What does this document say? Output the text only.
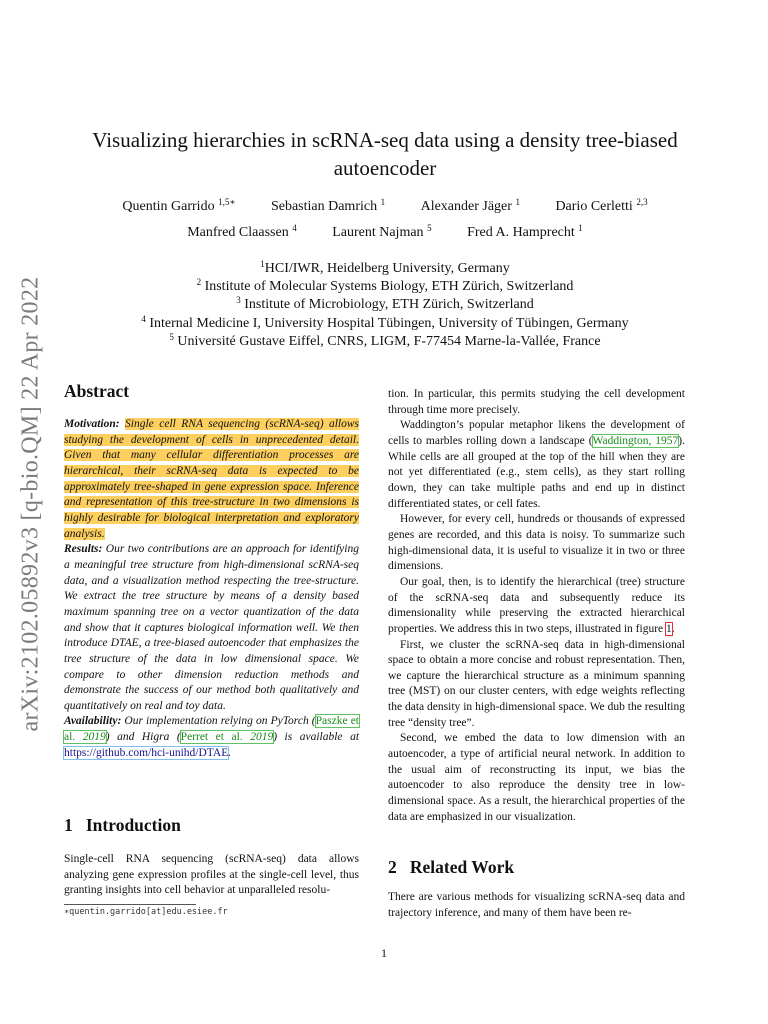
arXiv:2102.05892v3 [q-bio.QM] 22 Apr 2022
Visualizing hierarchies in scRNA-seq data using a density tree-biased autoencoder
Quentin Garrido $^{1,5∗}$	Sebastian Damrich $^1$	Alexander Jäger $^1$	Dario Cerletti $^{2,3}$
Manfred Claassen $^4$	Laurent Najman $^5$	Fred A. Hamprecht $^1$
$^1$HCI/IWR, Heidelberg University, Germany
$^2$ Institute of Molecular Systems Biology, ETH Zürich, Switzerland
$^3$ Institute of Microbiology, ETH Zürich, Switzerland
$^4$ Internal Medicine I, University Hospital Tübingen, University of Tübingen, Germany
$^5$ Université Gustave Eiffel, CNRS, LIGM, F-77454 Marne-la-Vallée, France
Abstract

Motivation: Single cell RNA sequencing (scRNA-seq) allows studying the development of cells in unprecedented detail. Given that many cellular differentiation processes are hierarchical, their scRNA-seq data is expected to be approximately tree-shaped in gene expression space. Inference and representation of this tree-structure in two dimensions is highly desirable for biological interpretation and exploratory analysis.

Results: Our two contributions are an approach for identifying a meaningful tree structure from high-dimensional scRNA-seq data, and a visualization method respecting the tree-structure. We extract the tree structure by means of a density based maximum spanning tree on a vector quantization of the data and show that it captures biological information well. We then introduce DTAE, a tree-biased autoencoder that emphasizes the tree structure of the data in low dimensional space. We compare to other dimension reduction methods and demonstrate the success of our method both qualitatively and quantitatively on real and toy data.

Availability: Our implementation relying on PyTorch (Paszke et al. 2019) and Higra (Perret et al. 2019) is available at https://github.com/hci-unihd/DTAE.

1 Introduction
Single-cell RNA sequencing (scRNA-seq) data allows analyzing gene expression profiles at the single-cell level, thus granting insights into cell behavior at unparalleled resolu-
∗quentin.garrido[at]edu.esiee.fr

tion. In particular, this permits studying the cell development through time more precisely.

Waddington’s popular metaphor likens the development of cells to marbles rolling down a landscape (Waddington, 1957). While cells are all grouped at the top of the hill when they are not yet differentiated (e.g., stem cells), as they start rolling down, they can take multiple paths and end up in distinct differentiated states, or cell fates.

However, for every cell, hundreds or thousands of expressed genes are recorded, and this data is noisy. To summarize such high-dimensional data, it is useful to visualize it in two or three dimensions.

Our goal, then, is to identify the hierarchical (tree) structure of the scRNA-seq data and subsequently reduce its dimensionality while preserving the extracted hierarchical properties. We address this in two steps, illustrated in figure 1.

First, we cluster the scRNA-seq data in high-dimensional space to obtain a more concise and robust representation. Then, we capture the hierarchical structure as a minimum spanning tree (MST) on our cluster centers, with edge weights reflecting the data density in high-dimensional space. We dub the resulting tree “density tree”.

Second, we embed the data to low dimension with an autoencoder, a type of artificial neural network. In addition to the usual aim of reconstructing its input, we bias the autoencoder to also reproduce the density tree in low-dimensional space. As a result, the hierarchical properties of the data are emphasized in our visualization.

2 Related Work
There are various methods for visualizing scRNA-seq data and trajectory inference, and many of them have been re-
1
